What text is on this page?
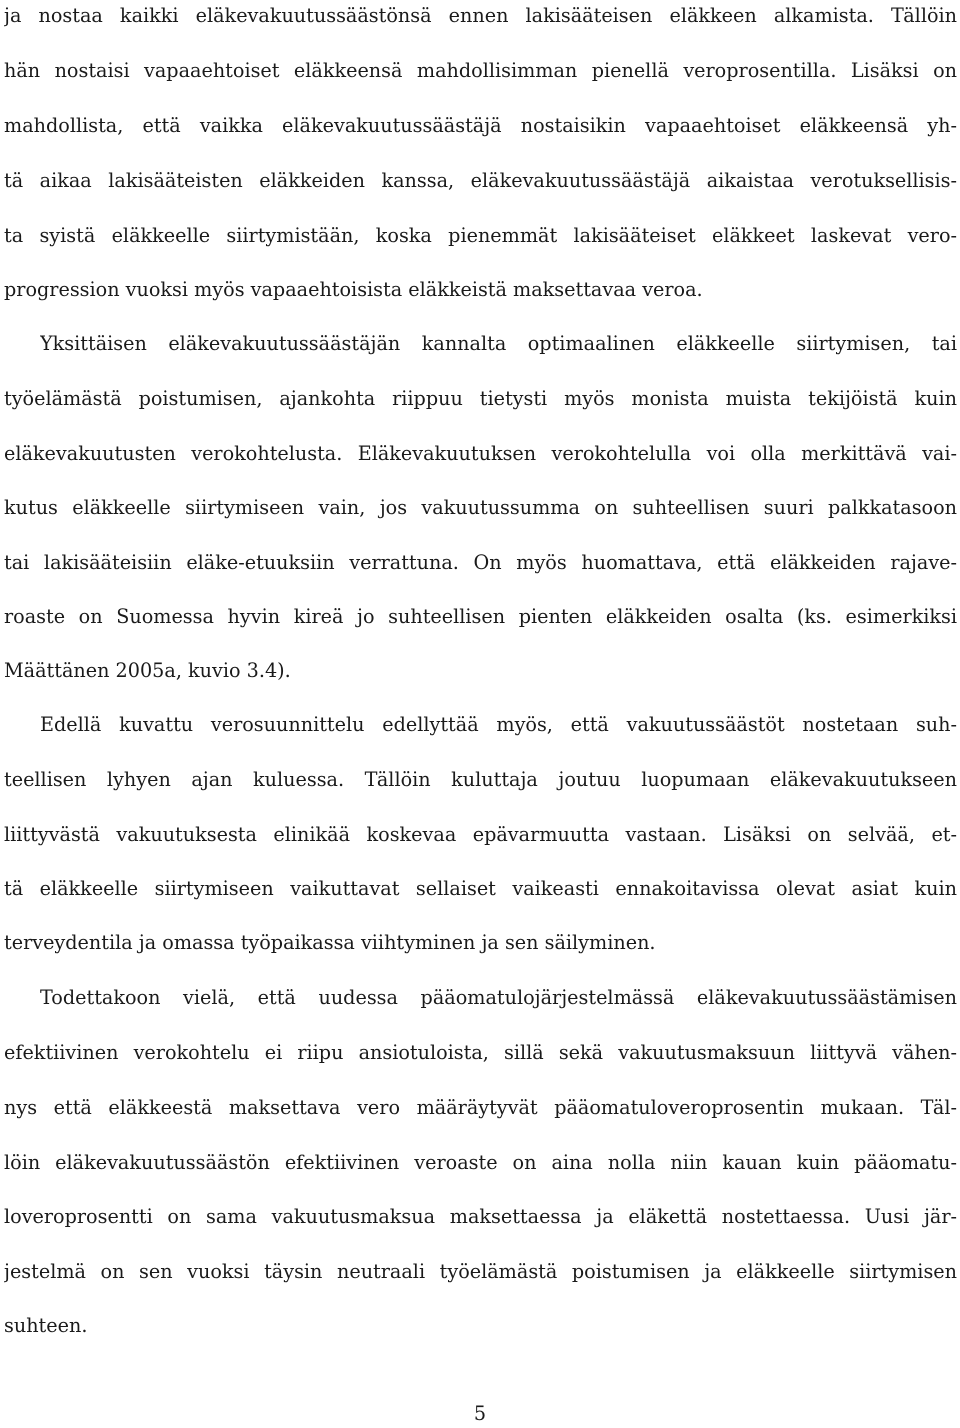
ja nostaa kaikki eläkevakuutussäästönsä ennen lakisääteisen eläkkeen alkamista. Tällöin
hän nostaisi vapaaehtoiset eläkkeensä mahdollisimman pienellä veroprosentilla. Lisäksi on
mahdollista, että vaikka eläkevakuutussäästäjä nostaisikin vapaaehtoiset eläkkeensä yh-
tä aikaa lakisääteisten eläkkeiden kanssa, eläkevakuutussäästäjä aikaistaa verotuksellisis-
ta syistä eläkkeelle siirtymistään, koska pienemmät lakisääteiset eläkkeet laskevat vero-
progression vuoksi myös vapaaehtoisista eläkkeistä maksettavaa veroa.
Yksittäisen eläkevakuutussäästäjän kannalta optimaalinen eläkkeelle siirtymisen, tai
työelämästä poistumisen, ajankohta riippuu tietysti myös monista muista tekijöistä kuin
eläkevakuutusten verokohtelusta. Eläkevakuutuksen verokohtelulla voi olla merkittävä vai-
kutus eläkkeelle siirtymiseen vain, jos vakuutussumma on suhteellisen suuri palkkatasoon
tai lakisääteisiin eläke-etuuksiin verrattuna. On myös huomattava, että eläkkeiden rajave-
roaste on Suomessa hyvin kireä jo suhteellisen pienten eläkkeiden osalta (ks. esimerkiksi
Määttänen 2005a, kuvio 3.4).
Edellä kuvattu verosuunnittelu edellyttää myös, että vakuutussäästöt nostetaan suh-
teellisen lyhyen ajan kuluessa. Tällöin kuluttaja joutuu luopumaan eläkevakuutukseen
liittyvästä vakuutuksesta elinikää koskevaa epävarmuutta vastaan. Lisäksi on selvää, et-
tä eläkkeelle siirtymiseen vaikuttavat sellaiset vaikeasti ennakoitavissa olevat asiat kuin
terveydentila ja omassa työpaikassa viihtyminen ja sen säilyminen.
Todettakoon vielä, että uudessa pääomatulojärjestelmässä eläkevakuutussäästämisen
efektiivinen verokohtelu ei riipu ansiotuloista, sillä sekä vakuutusmaksuun liittyvä vähen-
nys että eläkkeestä maksettava vero määräytyvät pääomatuloveroprosentin mukaan. Täl-
löin eläkevakuutussäästön efektiivinen veroaste on aina nolla niin kauan kuin pääomatu-
loveroprosentti on sama vakuutusmaksua maksettaessa ja eläkettä nostettaessa. Uusi jär-
jestelmä on sen vuoksi täysin neutraali työelämästä poistumisen ja eläkkeelle siirtymisen
suhteen.
5
